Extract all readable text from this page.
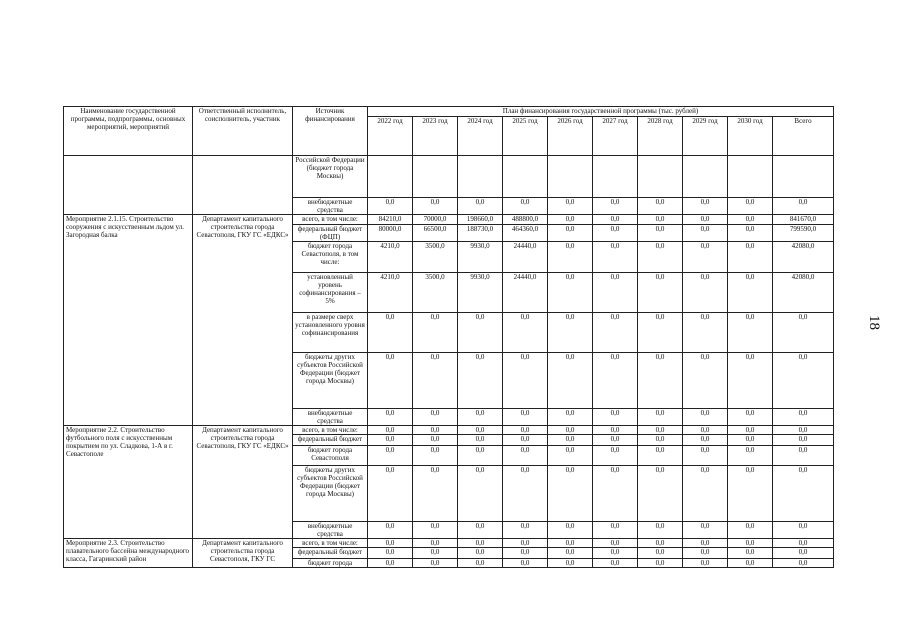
Наименование государственной программы, подпрограммы, основных мероприятий, мероприятий	Ответственный исполнитель, соисполнитель, участник	Источник финансирования	План финансирования государственной программы (тыс. рублей)									
			2022 год	2023 год	2024 год	2025 год	2026 год	2027 год	2028 год	2029 год	2030 год	Всего
		Российской Федерации (бюджет города Москвы)										
		внебюджетные средства	0,0	0,0	0,0	0,0	0,0	0,0	0,0	0,0	0,0	0,0
Мероприятие 2.1.15. Строительство сооружения с искусственным льдом ул. Загородная балка	Департамент капитального строительства города Севастополя, ГКУ ГС «ЕДКС»	всего, в том числе:	84210,0	70000,0	198660,0	488800,0	0,0	0,0	0,0	0,0	0,0	841670,0
		федеральный бюджет (ФЦП)	80000,0	66500,0	188730,0	464360,0	0,0	0,0	0,0	0,0	0,0	799590,0
		бюджет города Севастополя, в том числе:	4210,0	3500,0	9930,0	24440,0	0,0	0,0	0,0	0,0	0,0	42080,0
		установленный уровень софинансирования – 5%	4210,0	3500,0	9930,0	24440,0	0,0	0,0	0,0	0,0	0,0	42080,0
		в размере сверх установленного уровня софинансирования	0,0	0,0	0,0	0,0	0,0	0,0	0,0	0,0	0,0	0,0
		бюджеты других субъектов Российской Федерации (бюджет города Москвы)	0,0	0,0	0,0	0,0	0,0	0,0	0,0	0,0	0,0	0,0
		внебюджетные средства	0,0	0,0	0,0	0,0	0,0	0,0	0,0	0,0	0,0	0,0
Мероприятие 2.2. Строительство футбольного поля с искусственным покрытием по ул. Сладкова, 1-А в г. Севастополе	Департамент капитального строительства города Севастополя, ГКУ ГС «ЕДКС»	всего, в том числе:	0,0	0,0	0,0	0,0	0,0	0,0	0,0	0,0	0,0	0,0
		федеральный бюджет	0,0	0,0	0,0	0,0	0,0	0,0	0,0	0,0	0,0	0,0
		бюджет города Севастополя	0,0	0,0	0,0	0,0	0,0	0,0	0,0	0,0	0,0	0,0
		бюджеты других субъектов Российской Федерации (бюджет города Москвы)	0,0	0,0	0,0	0,0	0,0	0,0	0,0	0,0	0,0	0,0
		внебюджетные средства	0,0	0,0	0,0	0,0	0,0	0,0	0,0	0,0	0,0	0,0
Мероприятие 2.3. Строительство плавательного бассейна международного класса, Гагаринский район	Департамент капитального строительства города Севастополя, ГКУ ГС	всего, в том числе:	0,0	0,0	0,0	0,0	0,0	0,0	0,0	0,0	0,0	0,0
		федеральный бюджет	0,0	0,0	0,0	0,0	0,0	0,0	0,0	0,0	0,0	0,0
		бюджет города	0,0	0,0	0,0	0,0	0,0	0,0	0,0	0,0	0,0	0,0
18
